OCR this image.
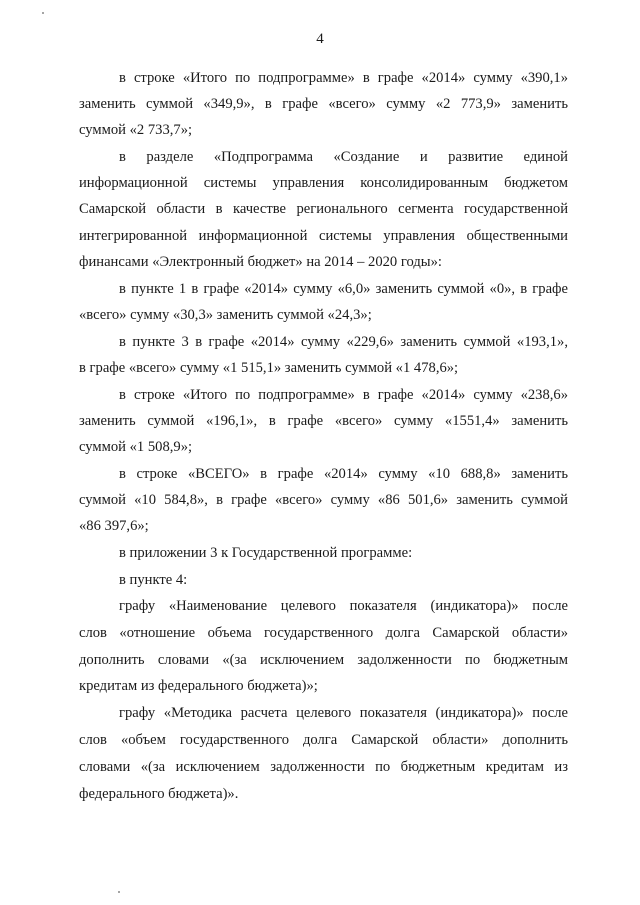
4
в строке «Итого по подпрограмме» в графе «2014» сумму «390,1»
заменить суммой «349,9», в графе «всего» сумму «2 773,9» заменить
суммой «2 733,7»;
в разделе «Подпрограмма «Создание и развитие единой
информационной системы управления консолидированным бюджетом
Самарской области в качестве регионального сегмента государственной
интегрированной информационной системы управления общественными
финансами «Электронный бюджет» на 2014 – 2020 годы»:
в пункте 1 в графе «2014» сумму «6,0» заменить суммой «0», в графе
«всего» сумму «30,3» заменить суммой «24,3»;
в пункте 3 в графе «2014» сумму «229,6» заменить суммой «193,1»,
в графе «всего» сумму «1 515,1» заменить суммой «1 478,6»;
в строке «Итого по подпрограмме» в графе «2014» сумму «238,6»
заменить суммой «196,1», в графе «всего» сумму «1551,4» заменить
суммой «1 508,9»;
в строке «ВСЕГО» в графе «2014» сумму «10 688,8» заменить
суммой «10 584,8», в графе «всего» сумму «86 501,6» заменить суммой
«86 397,6»;
в приложении 3 к Государственной программе:
в пункте 4:
графу «Наименование целевого показателя (индикатора)» после
слов «отношение объема государственного долга Самарской области»
дополнить словами «(за исключением задолженности по бюджетным
кредитам из федерального бюджета)»;
графу «Методика расчета целевого показателя (индикатора)» после
слов «объем государственного долга Самарской области» дополнить
словами «(за исключением задолженности по бюджетным кредитам из
федерального бюджета)».
